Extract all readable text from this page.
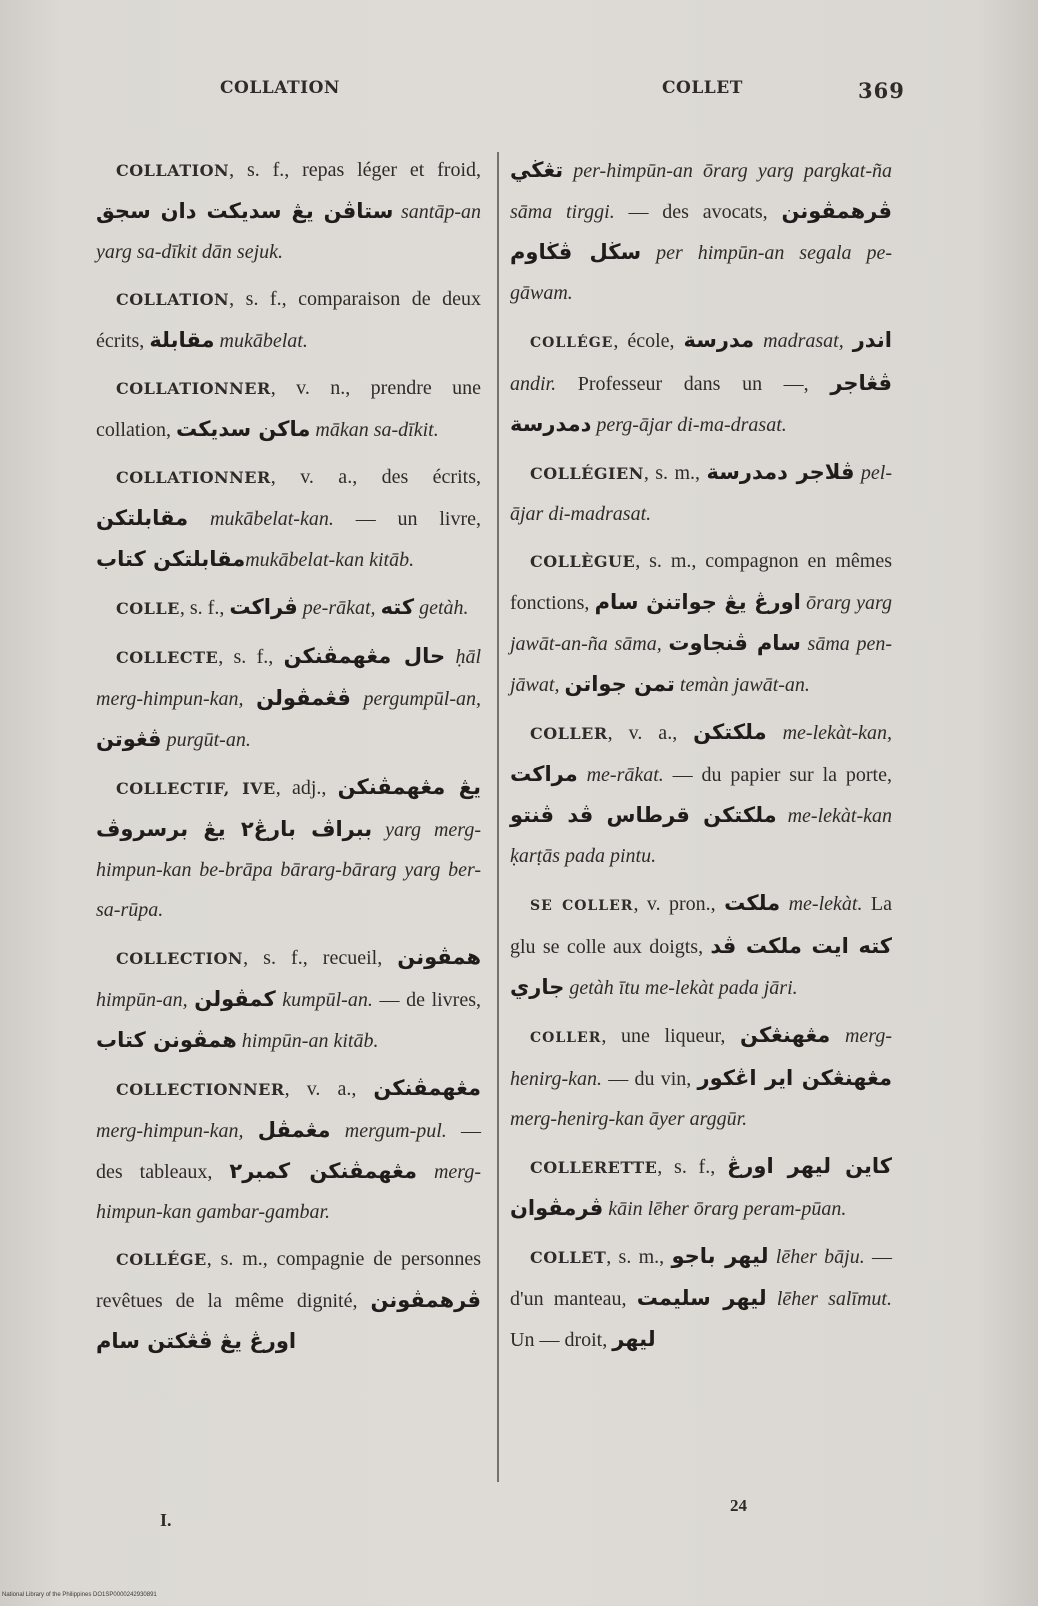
COLLATION	COLLET	369

COLLATION, s. f., repas léger et froid, ستاڤن يڠ سديكت دان سجق santāp-an yarg sa-dīkit dān sejuk.

COLLATION, s. f., comparaison de deux écrits, مقابلة mukābelat.

COLLATIONNER, v. n., prendre une collation, ماكن سديكت mākan sa-dīkit.

COLLATIONNER, v. a., des écrits, مقابلتكن mukābelat-kan. — un livre, مقابلتكن كتابmukābelat-kan kitāb.

COLLE, s. f., ڤراكت pe-rākat, کته getàh.

COLLECTE, s. f., حال مڠهمڤنكن ḥāl merg-himpun-kan, ڤڠمڤولن pergumpūl-an, ڤڠوتن purgūt-an.

COLLECTIF, IVE, adj., يڠ مڠهمڤنكن ببراڤ بارڠ٢ يڠ برسروڤ yarg merg-himpun-kan be-brāpa bārarg-bārarg yarg ber-sa-rūpa.

COLLECTION, s. f., recueil, همڤونن himpūn-an, كمڤولن kumpūl-an. — de livres, همڤونن كتاب himpūn-an kitāb.

COLLECTIONNER, v. a., مڠهمڤنكن merg-himpun-kan, مڠمڤل mergum-pul. — des tableaux, مڠهمڤنكن كمبر٢ merg-himpun-kan gambar-gambar.

COLLÉGE, s. m., compagnie de personnes revêtues de la même dignité, ڤرهمڤونن اورڠ يڠ ڤڠكتن سام

تڠڬي per-himpūn-an ōrarg yarg pargkat-ña sāma tirggi. — des avocats, ڤرهمڤونن سڬل ڤڬاوم per himpūn-an segala pe-gāwam.

COLLÉGE, école, مدرسة madrasat, اندر andir. Professeur dans un —, ڤڠاجر دمدرسة perg-ājar di-ma-drasat.

COLLÉGIEN, s. m., ڤلاجر دمدرسة pel-ājar di-madrasat.

COLLÈGUE, s. m., compagnon en mêmes fonctions, اورڠ يڠ جواتنڽ سام ōrarg yarg jawāt-an-ña sāma, سام ڤنجاوت sāma pen-jāwat, تمن جواتن temàn jawāt-an.

COLLER, v. a., ملكتكن me-lekàt-kan, مراكت me-rākat. — du papier sur la porte, ملكتكن قرطاس ڤد ڤنتو me-lekàt-kan ḳarṭās pada pintu.

SE COLLER, v. pron., ملكت me-lekàt. La glu se colle aux doigts, کته ايت ملكت ڤد جاري getàh ītu me-lekàt pada jāri.

COLLER, une liqueur, مڠهنڠكن merg-henirg-kan. — du vin, مڠهنڠكن اير اڠكور merg-henirg-kan āyer arggūr.

COLLERETTE, s. f., كاين ليهر اورڠ ڤرمڤوان kāin lēher ōrarg peram-pūan.

COLLET, s. m., ليهر باجو lēher bāju. — d'un manteau, ليهر سليمت lēher salīmut. Un — droit, ليهر

I.
24
National Library of the Philippines DO1SP0000242930891
